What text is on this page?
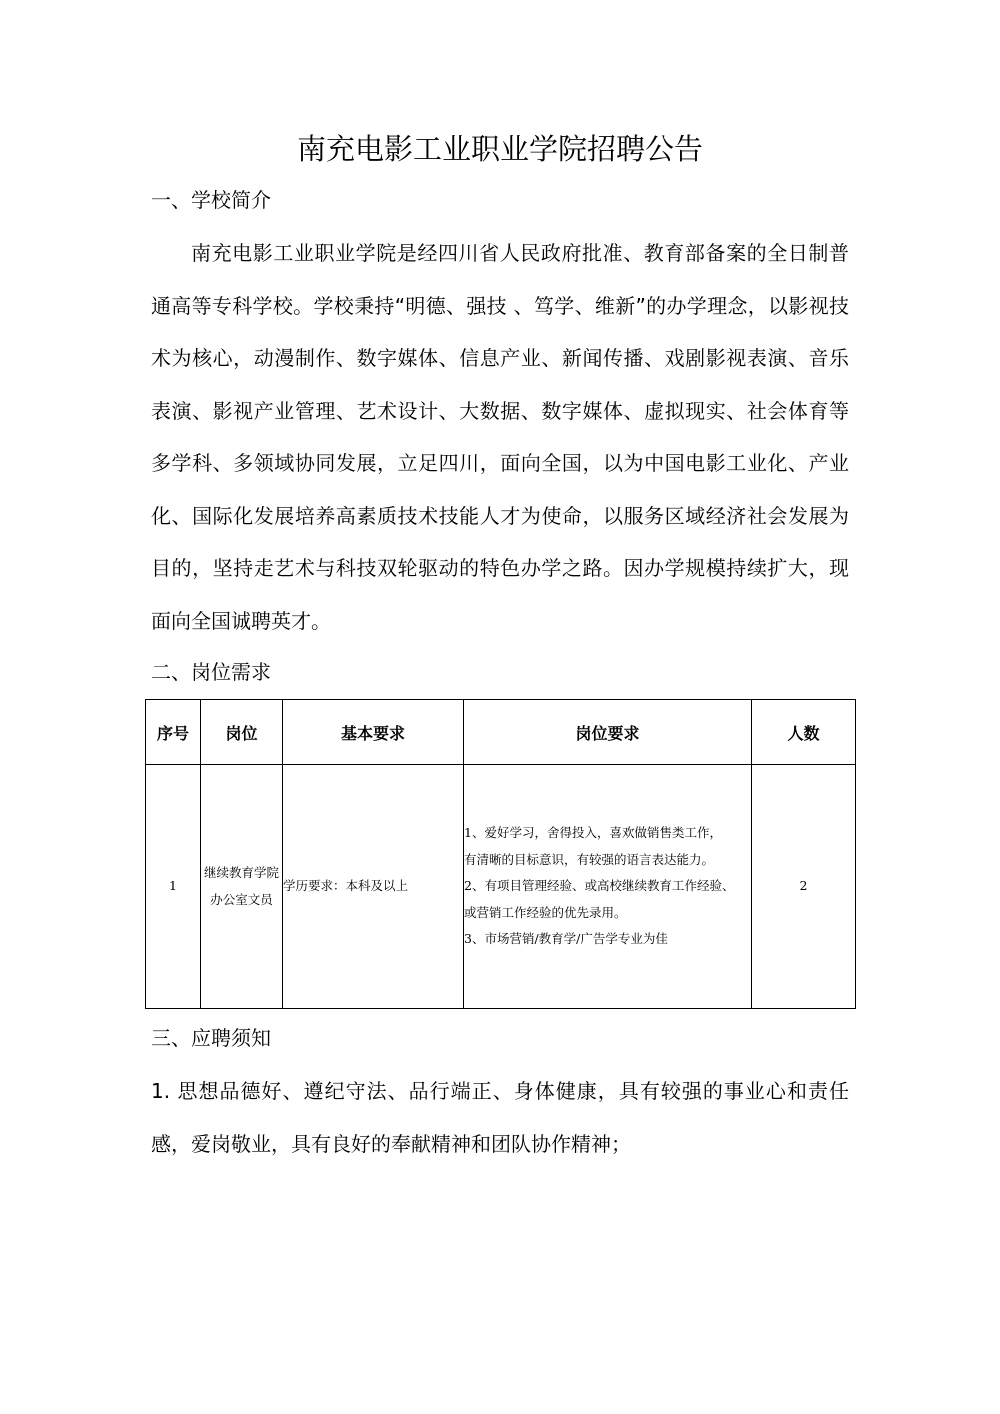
南充电影工业职业学院招聘公告
一、学校简介

南充电影工业职业学院是经四川省人民政府批准、教育部备案的全日制普通高等专科学校。学校秉持“明德、强技 、笃学、维新”的办学理念，以影视技术为核心，动漫制作、数字媒体、信息产业、新闻传播、戏剧影视表演、音乐表演、影视产业管理、艺术设计、大数据、数字媒体、虚拟现实、社会体育等多学科、多领域协同发展，立足四川，面向全国，以为中国电影工业化、产业化、国际化发展培养高素质技术技能人才为使命，以服务区域经济社会发展为目的，坚持走艺术与科技双轮驱动的特色办学之路。因办学规模持续扩大，现面向全国诚聘英才。

二、岗位需求
序号	岗位	基本要求	岗位要求	人数
1	继续教育学院办公室文员	学历要求：本科及以上	1、爱好学习，舍得投入，喜欢做销售类工作，
有清晰的目标意识，有较强的语言表达能力。
2、有项目管理经验、或高校继续教育工作经验、
或营销工作经验的优先录用。
3、市场营销/教育学/广告学专业为佳	2
三、应聘须知

1. 思想品德好、遵纪守法、品行端正、身体健康，具有较强的事业心和责任感，爱岗敬业，具有良好的奉献精神和团队协作精神；
